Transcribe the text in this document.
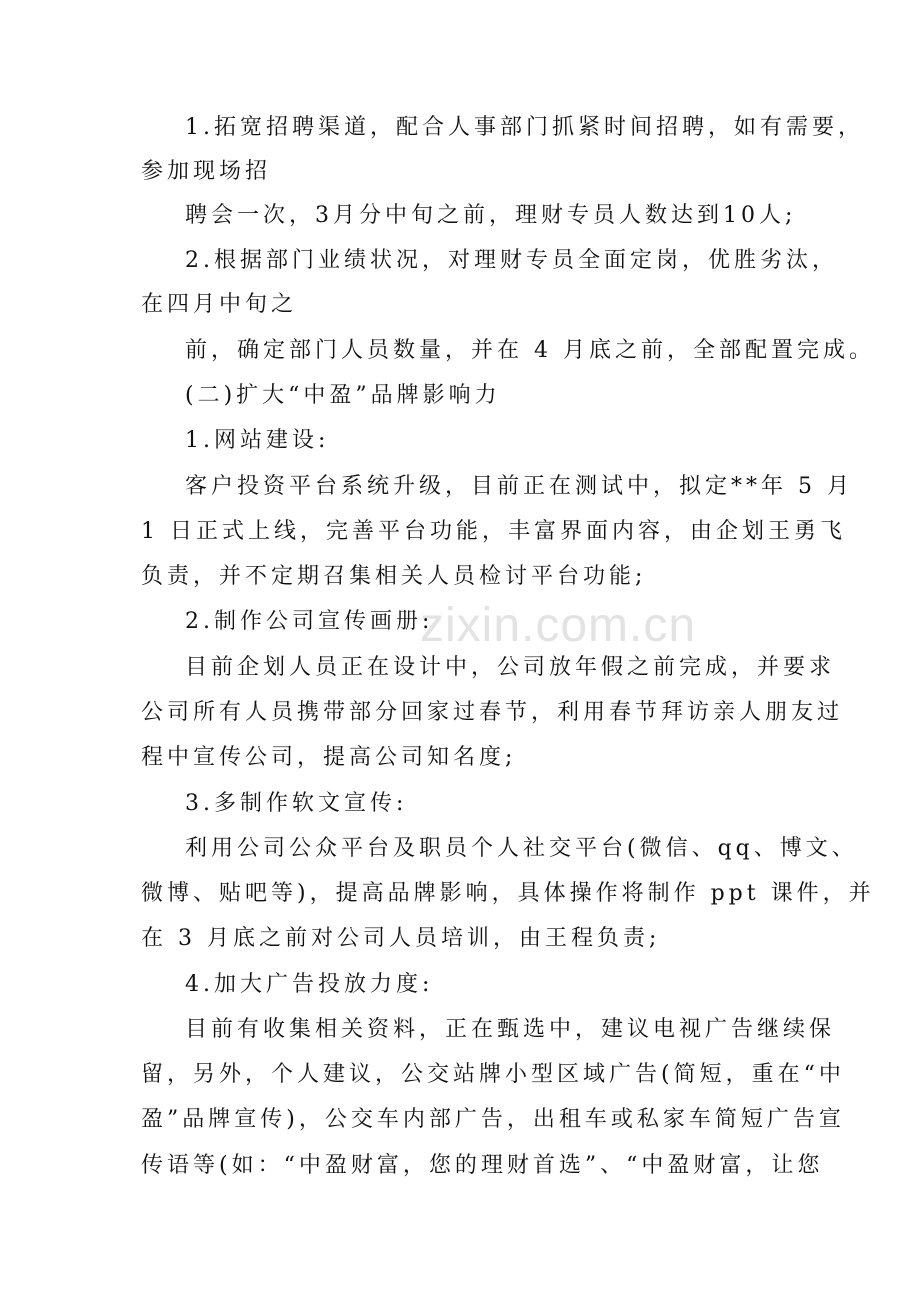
zixin.com.cn
1.拓宽招聘渠道，配合人事部门抓紧时间招聘，如有需要，
参加现场招
聘会一次，3月分中旬之前，理财专员人数达到10人;
2.根据部门业绩状况，对理财专员全面定岗，优胜劣汰，
在四月中旬之
前，确定部门人员数量，并在 4 月底之前，全部配置完成。
(二)扩大“中盈”品牌影响力
1.网站建设:
客户投资平台系统升级，目前正在测试中，拟定**年 5 月
1 日正式上线，完善平台功能，丰富界面内容，由企划王勇飞
负责，并不定期召集相关人员检讨平台功能;
2.制作公司宣传画册:
目前企划人员正在设计中，公司放年假之前完成，并要求
公司所有人员携带部分回家过春节，利用春节拜访亲人朋友过
程中宣传公司，提高公司知名度;
3.多制作软文宣传:
利用公司公众平台及职员个人社交平台(微信、qq、博文、
微博、贴吧等)，提高品牌影响，具体操作将制作 ppt 课件，并
在 3 月底之前对公司人员培训，由王程负责;
4.加大广告投放力度:
目前有收集相关资料，正在甄选中，建议电视广告继续保
留，另外，个人建议，公交站牌小型区域广告(简短，重在“中
盈”品牌宣传)，公交车内部广告，出租车或私家车简短广告宣
传语等(如：“中盈财富，您的理财首选”、“中盈财富，让您
